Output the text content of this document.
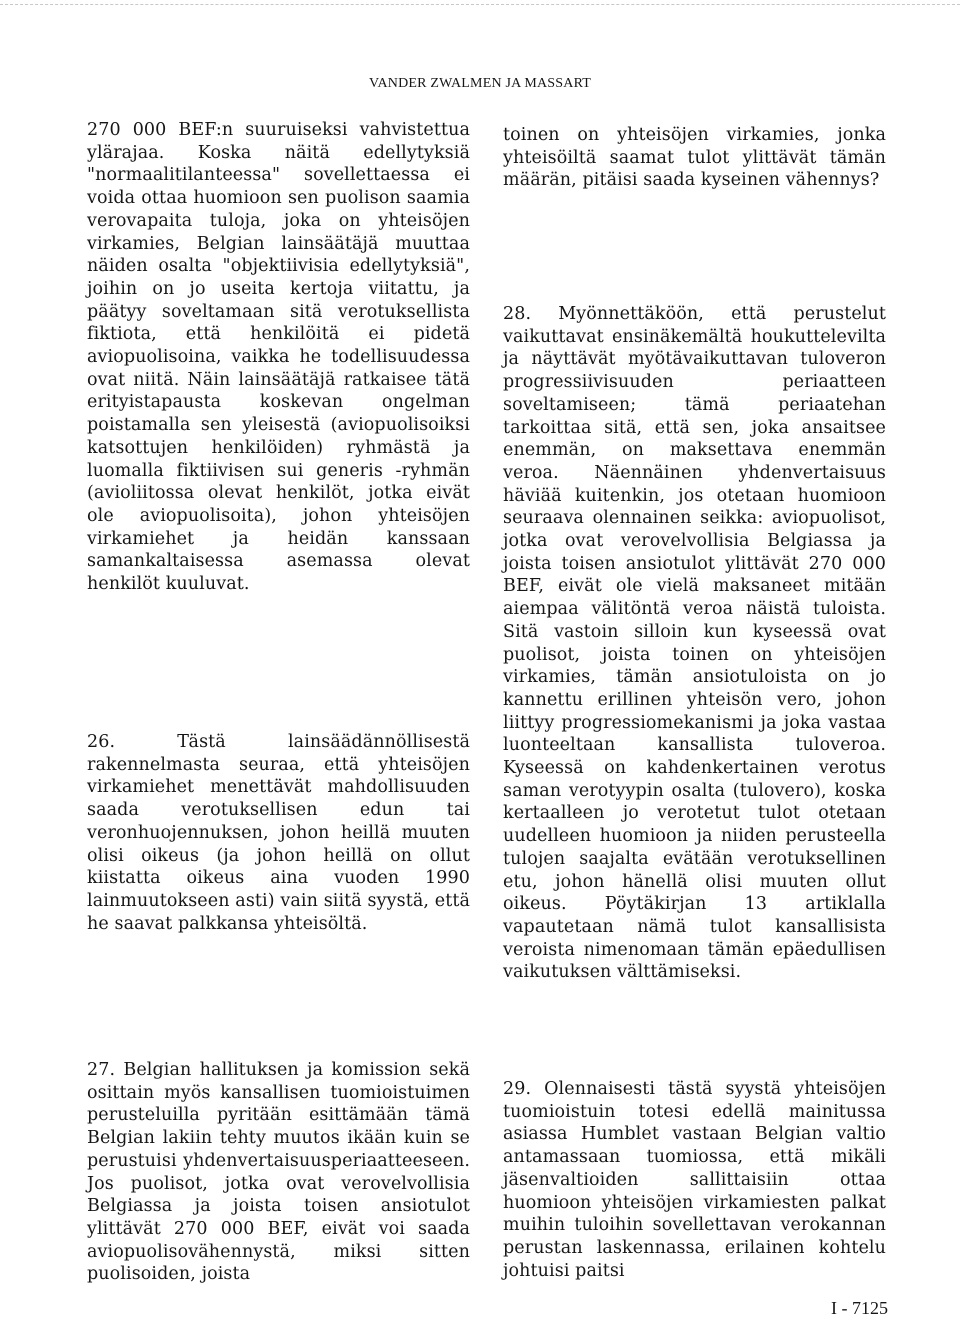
VANDER ZWALMEN JA MASSART
270 000 BEF:n suuruiseksi vahvistettua ylärajaa. Koska näitä edellytyksiä "normaalitilanteessa" sovellettaessa ei voida ottaa huomioon sen puolison saamia verovapaita tuloja, joka on yhteisöjen virkamies, Belgian lainsäätäjä muuttaa näiden osalta "objektiivisia edellytyksiä", joihin on jo useita kertoja viitattu, ja päätyy soveltamaan sitä verotuksellista fiktiota, että henkilöitä ei pidetä aviopuolisoina, vaikka he todellisuudessa ovat niitä. Näin lainsäätäjä ratkaisee tätä erityistapausta koskevan ongelman poistamalla sen yleisestä (aviopuolisoiksi katsottujen henkilöiden) ryhmästä ja luomalla fiktiivisen sui generis -ryhmän (avioliitossa olevat henkilöt, jotka eivät ole aviopuolisoita), johon yhteisöjen virkamiehet ja heidän kanssaan samankaltaisessa asemassa olevat henkilöt kuuluvat.
26. Tästä lainsäädännöllisestä rakennelmasta seuraa, että yhteisöjen virkamiehet menettävät mahdollisuuden saada verotuksellisen edun tai veronhuojennuksen, johon heillä muuten olisi oikeus (ja johon heillä on ollut kiistatta oikeus aina vuoden 1990 lainmuutokseen asti) vain siitä syystä, että he saavat palkkansa yhteisöltä.
27. Belgian hallituksen ja komission sekä osittain myös kansallisen tuomioistuimen perusteluilla pyritään esittämään tämä Belgian lakiin tehty muutos ikään kuin se perustuisi yhdenvertaisuusperiaatteeseen. Jos puolisot, jotka ovat verovelvollisia Belgiassa ja joista toisen ansiotulot ylittävät 270 000 BEF, eivät voi saada aviopuolisovähennystä, miksi sitten puolisoiden, joista
toinen on yhteisöjen virkamies, jonka yhteisöiltä saamat tulot ylittävät tämän määrän, pitäisi saada kyseinen vähennys?
28. Myönnettäköön, että perustelut vaikuttavat ensinäkemältä houkuttelevilta ja näyttävät myötävaikuttavan tuloveron progressiivisuuden periaatteen soveltamiseen; tämä periaatehan tarkoittaa sitä, että sen, joka ansaitsee enemmän, on maksettava enemmän veroa. Näennäinen yhdenvertaisuus häviää kuitenkin, jos otetaan huomioon seuraava olennainen seikka: aviopuolisot, jotka ovat verovelvollisia Belgiassa ja joista toisen ansiotulot ylittävät 270 000 BEF, eivät ole vielä maksaneet mitään aiempaa välitöntä veroa näistä tuloista. Sitä vastoin silloin kun kyseessä ovat puolisot, joista toinen on yhteisöjen virkamies, tämän ansiotuloista on jo kannettu erillinen yhteisön vero, johon liittyy progressiomekanismi ja joka vastaa luonteeltaan kansallista tuloveroa. Kyseessä on kahdenkertainen verotus saman verotyypin osalta (tulovero), koska kertaalleen jo verotetut tulot otetaan uudelleen huomioon ja niiden perusteella tulojen saajalta evätään verotuksellinen etu, johon hänellä olisi muuten ollut oikeus. Pöytäkirjan 13 artiklalla vapautetaan nämä tulot kansallisista veroista nimenomaan tämän epäedullisen vaikutuksen välttämiseksi.
29. Olennaisesti tästä syystä yhteisöjen tuomioistuin totesi edellä mainitussa asiassa Humblet vastaan Belgian valtio antamassaan tuomiossa, että mikäli jäsenvaltioiden sallittaisiin ottaa huomioon yhteisöjen virkamiesten palkat muihin tuloihin sovellettavan verokannan perustan laskennassa, erilainen kohtelu johtuisi paitsi
I - 7125
